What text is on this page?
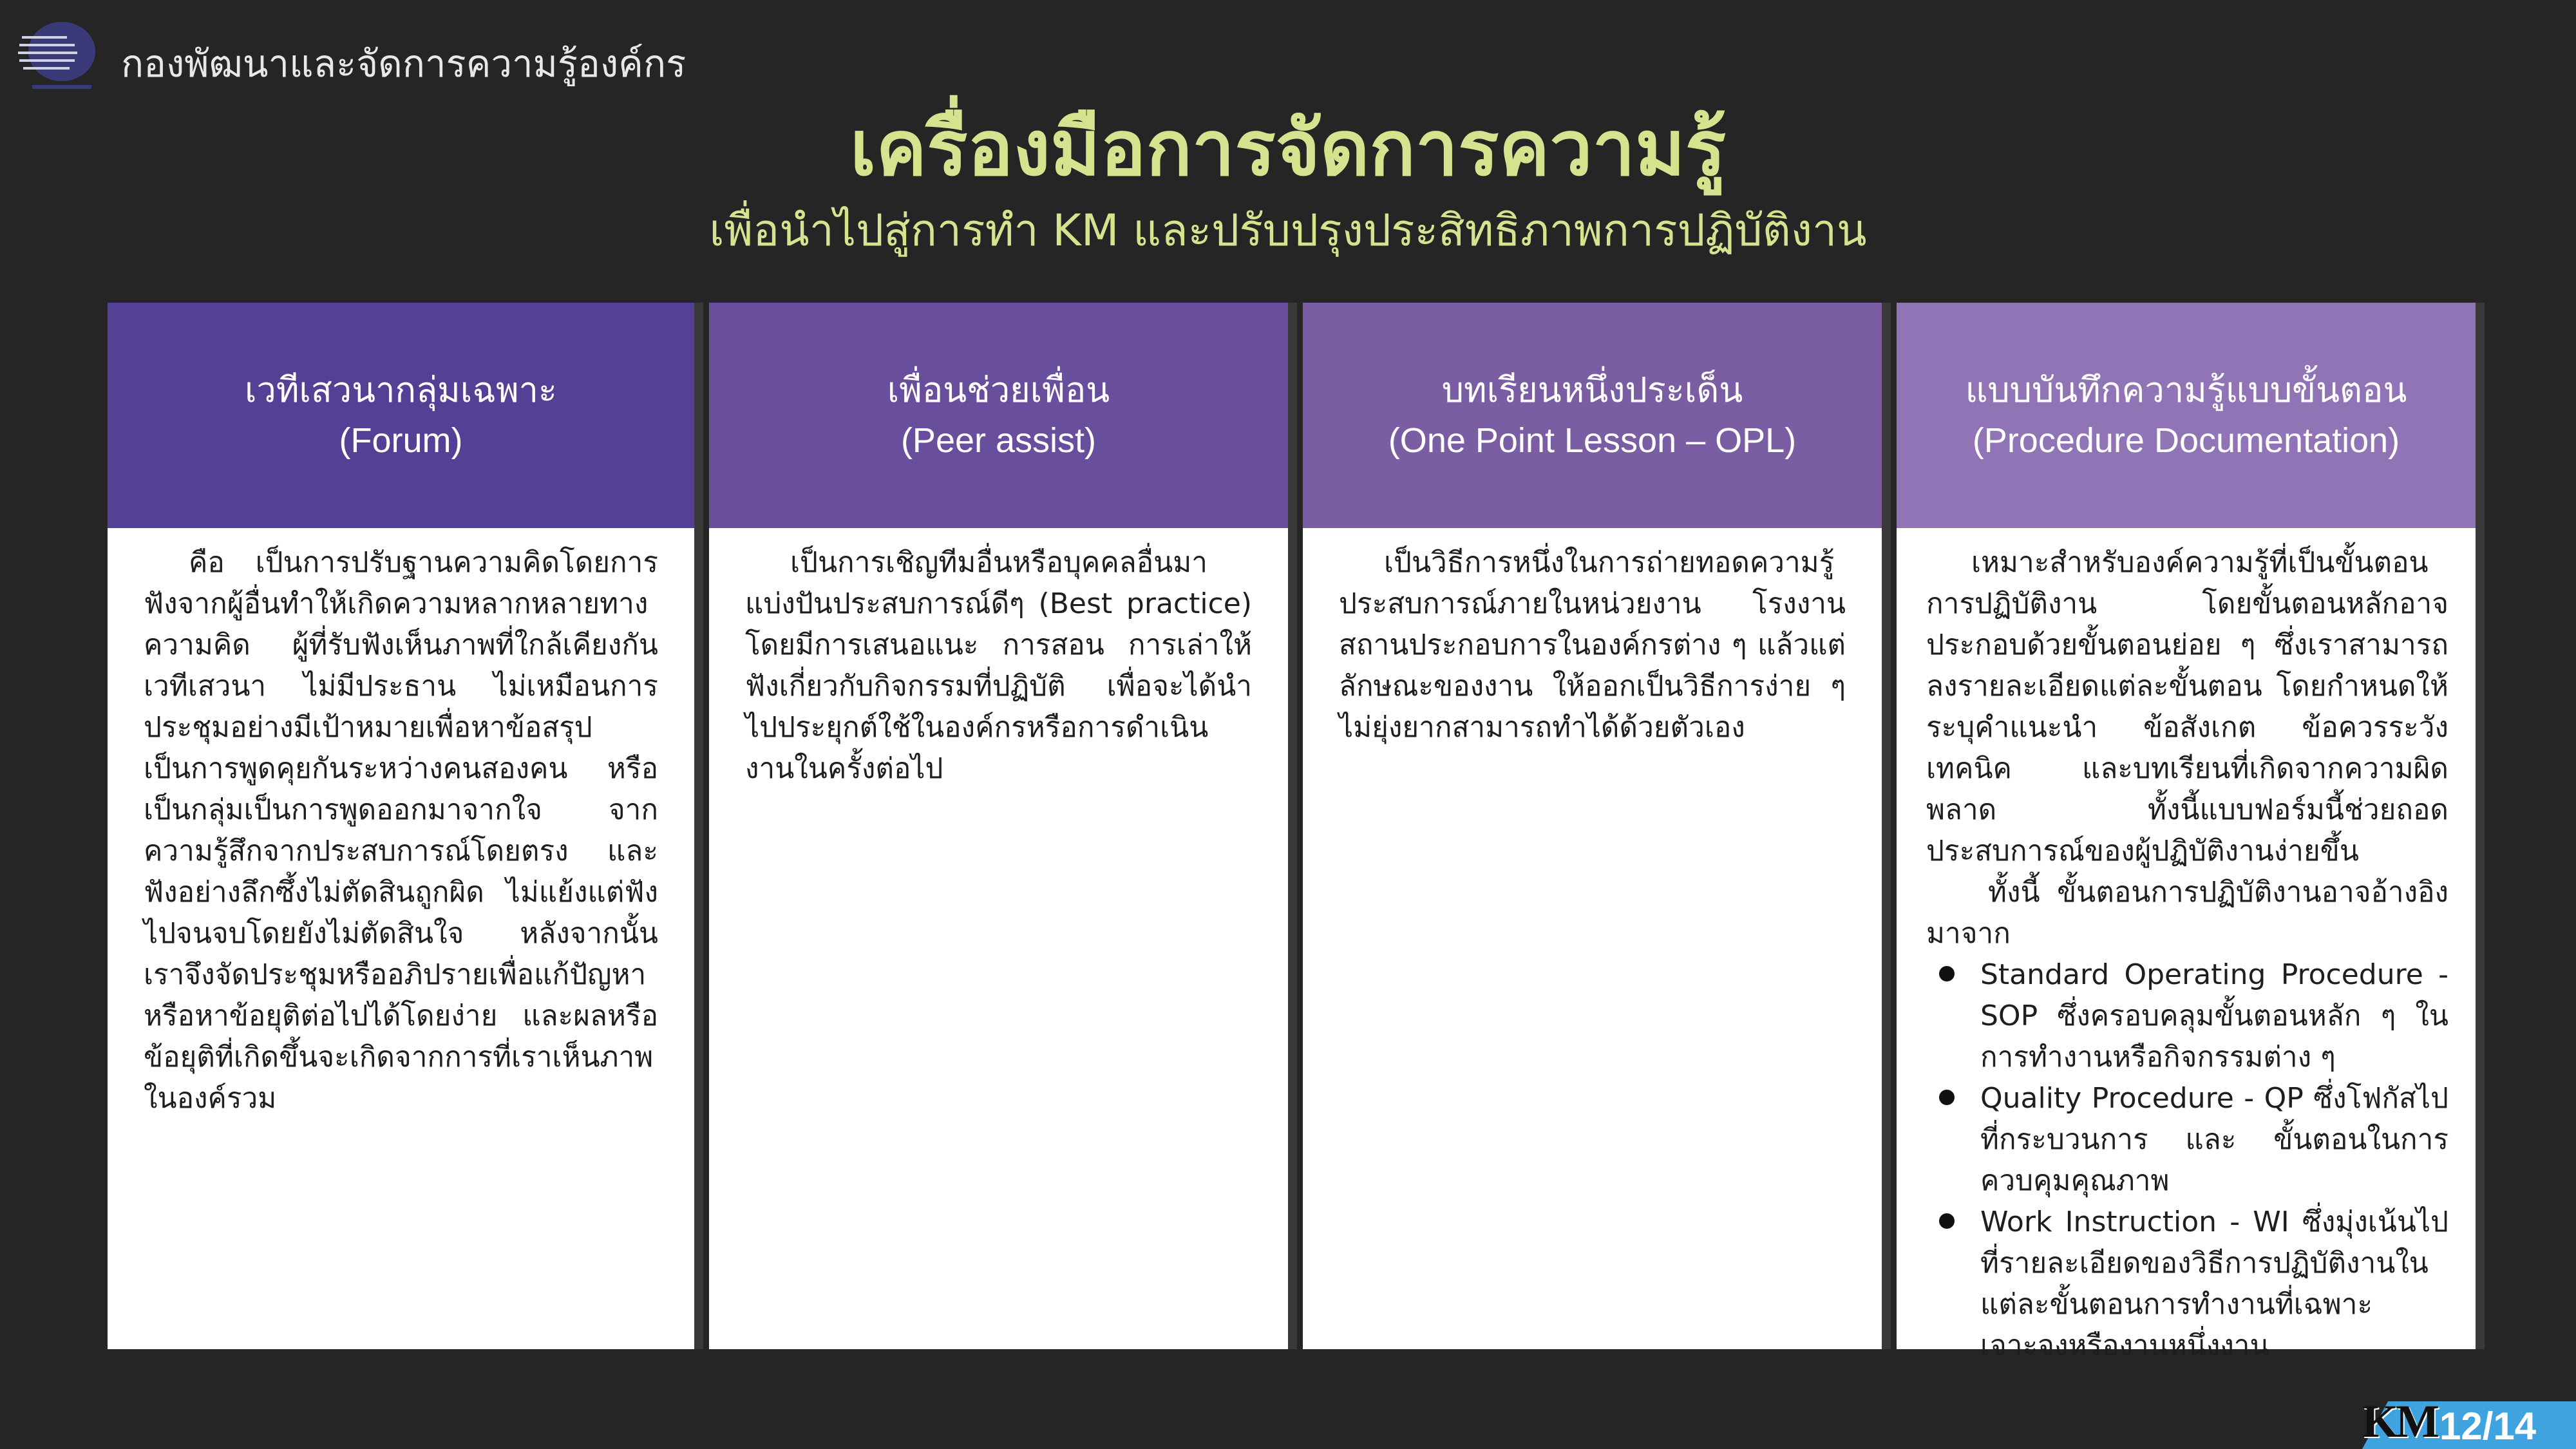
กองพัฒนาและจัดการความรู้องค์กร
เครื่องมือการจัดการความรู้
เพื่อนำไปสู่การทำ KM และปรับปรุงประสิทธิภาพการปฏิบัติงาน
เวทีเสวนากลุ่มเฉพาะ
(Forum)

คือ เป็นการปรับฐานความคิดโดยการฟังจากผู้อื่นทำให้เกิดความหลากหลายทางความคิด ผู้ที่รับฟังเห็นภาพที่ใกล้เคียงกันเวทีเสวนา ไม่มีประธาน ไม่เหมือนการประชุมอย่างมีเป้าหมายเพื่อหาข้อสรุป เป็นการพูดคุยกันระหว่างคนสองคน หรือเป็นกลุ่มเป็นการพูดออกมาจากใจ จากความรู้สึกจากประสบการณ์โดยตรง และฟังอย่างลึกซึ้งไม่ตัดสินถูกผิด ไม่แย้งแต่ฟังไปจนจบโดยยังไม่ตัดสินใจ หลังจากนั้น เราจึงจัดประชุมหรืออภิปรายเพื่อแก้ปัญหาหรือหาข้อยุติต่อไปได้โดยง่าย และผลหรือข้อยุติที่เกิดขึ้นจะเกิดจากการที่เราเห็นภาพในองค์รวม

เพื่อนช่วยเพื่อน
(Peer assist)

เป็นการเชิญทีมอื่นหรือบุคคลอื่นมาแบ่งปันประสบการณ์ดีๆ (Best practice) โดยมีการเสนอแนะ การสอน การเล่าให้ฟังเกี่ยวกับกิจกรรมที่ปฏิบัติ เพื่อจะได้นำไปประยุกต์ใช้ในองค์กรหรือการดำเนินงานในครั้งต่อไป

บทเรียนหนึ่งประเด็น
(One Point Lesson – OPL)

เป็นวิธีการหนึ่งในการถ่ายทอดความรู้ประสบการณ์ภายในหน่วยงาน โรงงาน สถานประกอบการในองค์กรต่าง ๆ แล้วแต่ลักษณะของงาน ให้ออกเป็นวิธีการง่าย ๆ ไม่ยุ่งยากสามารถทำได้ด้วยตัวเอง

แบบบันทึกความรู้แบบขั้นตอน
(Procedure Documentation)

เหมาะสำหรับองค์ความรู้ที่เป็นขั้นตอนการปฏิบัติงาน โดยขั้นตอนหลักอาจประกอบด้วยขั้นตอนย่อย ๆ ซึ่งเราสามารถลงรายละเอียดแต่ละขั้นตอน โดยกำหนดให้ระบุคำแนะนำ ข้อสังเกต ข้อควรระวัง เทคนิค และบทเรียนที่เกิดจากความผิดพลาด ทั้งนี้แบบฟอร์มนี้ช่วยถอดประสบการณ์ของผู้ปฏิบัติงานง่ายขึ้น

ทั้งนี้ ขั้นตอนการปฏิบัติงานอาจอ้างอิงมาจาก

Standard Operating Procedure - SOP ซึ่งครอบคลุมขั้นตอนหลัก ๆ ในการทำงานหรือกิจกรรมต่าง ๆ
Quality Procedure - QP ซึ่งโฟกัสไปที่กระบวนการ และ ขั้นตอนในการควบคุมคุณภาพ
Work Instruction - WI ซึ่งมุ่งเน้นไปที่รายละเอียดของวิธีการปฏิบัติงานในแต่ละขั้นตอนการทำงานที่เฉพาะเจาะจงหรืองานหนึ่งงาน
KM 12/14
